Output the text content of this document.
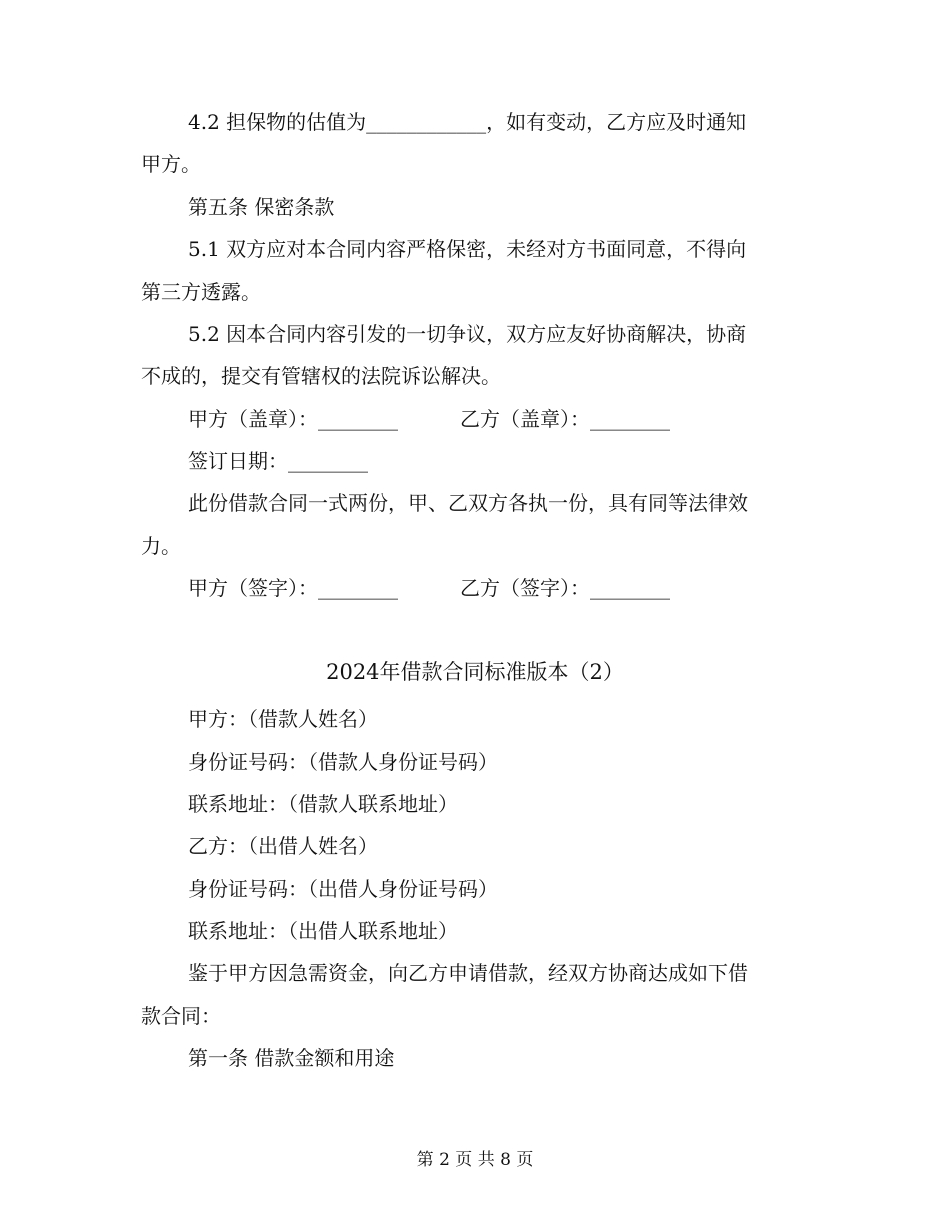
4.2 担保物的估值为____________，如有变动，乙方应及时通知
甲方。
第五条 保密条款
5.1 双方应对本合同内容严格保密，未经对方书面同意，不得向
第三方透露。
5.2 因本合同内容引发的一切争议，双方应友好协商解决，协商
不成的，提交有管辖权的法院诉讼解决。
甲方（盖章）：________	乙方（盖章）：________
签订日期：________
此份借款合同一式两份，甲、乙双方各执一份，具有同等法律效
力。
甲方（签字）：________	乙方（签字）：________
2024年借款合同标准版本（2）
甲方：（借款人姓名）
身份证号码：（借款人身份证号码）
联系地址：（借款人联系地址）
乙方：（出借人姓名）
身份证号码：（出借人身份证号码）
联系地址：（出借人联系地址）
鉴于甲方因急需资金，向乙方申请借款，经双方协商达成如下借
款合同：
第一条 借款金额和用途
第 2 页 共 8 页
